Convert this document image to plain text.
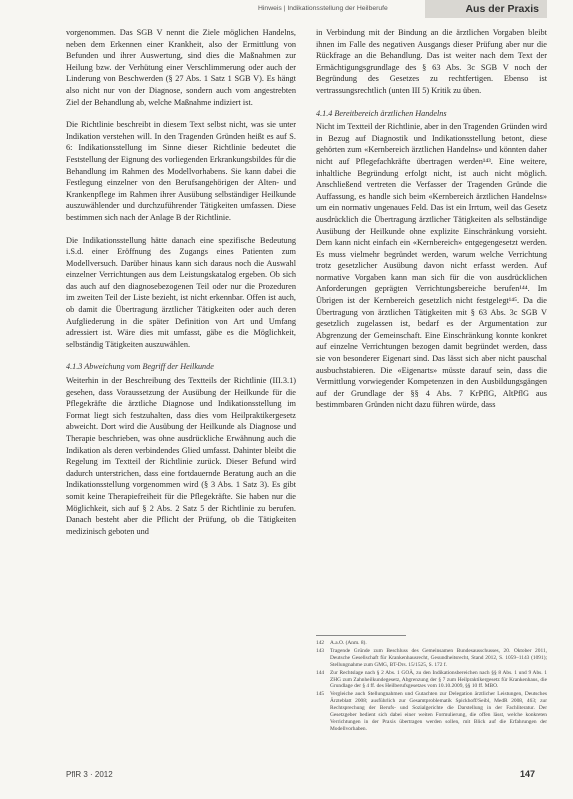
Hinweis | Indikationsstellung der Heilberufe	Aus der Praxis

vorgenommen. Das SGB V nennt die Ziele möglichen Handelns, neben dem Erkennen einer Krankheit, also der Ermittlung von Befunden und ihrer Auswertung, sind dies die Maßnahmen zur Heilung bzw. der Verhütung einer Verschlimmerung oder auch der Linderung von Beschwerden (§ 27 Abs. 1 Satz 1 SGB V). Es hängt also nicht nur von der Diagnose, sondern auch vom angestrebten Ziel der Behandlung ab, welche Maßnahme indiziert ist.

Die Richtlinie beschreibt in diesem Text selbst nicht, was sie unter Indikation verstehen will. In den Tragenden Gründen heißt es auf S. 6: Indikationsstellung im Sinne dieser Richtlinie bedeutet die Feststellung der Eignung des vorliegenden Erkrankungsbildes für die Behandlung im Rahmen des Modellvorhabens. Sie kann dabei die Festlegung einzelner von den Berufsangehörigen der Alten- und Krankenpflege im Rahmen ihrer Ausübung selbständiger Heilkunde auszuwählender und durchzuführender Tätigkeiten umfassen. Diese bestimmen sich nach der Anlage B der Richtlinie.

Die Indikationsstellung hätte danach eine spezifische Bedeutung i.S.d. einer Eröffnung des Zugangs eines Patienten zum Modellversuch. Darüber hinaus kann sich daraus noch die Auswahl einzelner Verrichtungen aus dem Leistungskatalog ergeben. Ob sich das auch auf den diagnosebezogenen Teil oder nur die Prozeduren im zweiten Teil der Liste bezieht, ist nicht erkennbar. Offen ist auch, ob damit die Übertragung ärztlicher Tätigkeiten oder auch deren Aufgliederung in die später Definition von Art und Umfang adressiert ist. Wäre dies mit umfasst, gäbe es die Möglichkeit, selbständig Tätigkeiten auszuwählen.

4.1.3 Abweichung vom Begriff der Heilkunde

Weiterhin in der Beschreibung des Textteils der Richtlinie (III.3.1) gesehen, dass Voraussetzung der Ausübung der Heilkunde für die Pflegekräfte die ärztliche Diagnose und Indikationsstellung im Format liegt sich festzuhalten, dass dies vom Heilpraktikergesetz abweicht. Dort wird die Ausübung der Heilkunde als Diagnose und Therapie beschrieben, was ohne ausdrückliche Erwähnung auch die Indikation als deren verbindendes Glied umfasst. Dahinter bleibt die Regelung im Textteil der Richtlinie zurück. Dieser Befund wird dadurch unterstrichen, dass eine fortdauernde Beratung auch an die Indikationsstellung vorgenommen wird (§ 3 Abs. 1 Satz 3). Es gibt somit keine Therapiefreiheit für die Pflegekräfte. Sie haben nur die Möglichkeit, sich auf § 2 Abs. 2 Satz 5 der Richtlinie zu berufen. Danach besteht aber die Pflicht der Prüfung, ob die Tätigkeiten medizinisch geboten und

in Verbindung mit der Bindung an die ärztlichen Vorgaben bleibt ihnen im Falle des negativen Ausgangs dieser Prüfung aber nur die Rückfrage an die Behandlung. Das ist weiter nach dem Text der Ermächtigungsgrundlage des § 63 Abs. 3c SGB V noch der Begründung des Gesetzes zu rechtfertigen. Ebenso ist vertrassungsrechtlich (unten III 5) Kritik zu üben.

4.1.4 Bereitbereich ärztlichen Handelns

Nicht im Textteil der Richtlinie, aber in den Tragenden Gründen wird in Bezug auf Diagnostik und Indikationsstellung betont, diese gehörten zum «Kernbereich ärztlichen Handelns» und könnten daher nicht auf Pflegefachkräfte übertragen werden¹⁴³. Eine weitere, inhaltliche Begründung erfolgt nicht, ist auch nicht möglich. Anschließend vertreten die Verfasser der Tragenden Gründe die Auffassung, es handle sich beim «Kernbereich ärztlichen Handelns» um ein normativ ungenaues Feld. Das ist ein Irrtum, weil das Gesetz ausdrücklich die Übertragung ärztlicher Tätigkeiten als selbständige Ausübung der Heilkunde ohne explizite Einschränkung vorsieht. Dem kann nicht einfach ein «Kernbereich» entgegengesetzt werden. Es muss vielmehr begründet werden, warum welche Verrichtung trotz gesetzlicher Ausübung davon nicht erfasst werden. Auf normative Vorgaben kann man sich für die von ausdrücklichen Anforderungen geprägten Verrichtungsbereiche berufen¹⁴⁴. Im Übrigen ist der Kernbereich gesetzlich nicht festgelegt¹⁴⁵. Da die Übertragung von ärztlichen Tätigkeiten mit § 63 Abs. 3c SGB V gesetzlich zugelassen ist, bedarf es der Argumentation zur Abgrenzung der Gemeinschaft. Eine Einschränkung konnte konkret auf einzelne Verrichtungen bezogen damit begründet werden, dass sie von besonderer Eigenart sind. Das lässt sich aber nicht pauschal ausbuchstabieren. Die «Eigenarts» müsste darauf sein, dass die Vermittlung vorwiegender Kompetenzen in den Ausbildungsgängen auf der Grundlage der §§ 4 Abs. 7 KrPflG, AltPflG aus bestimmbaren Gründen nicht dazu führen würde, dass

142	A.a.O. (Anm. 8).
143	Tragende Gründe zum Beschluss des Gemeinsamen Bundesausschusses, 20. Oktober 2011, Deutsche Gesellschaft für Krankenhausrecht, Gesundheitsrecht, Stand 2012, S. 1059–1143 (1091); Stellungnahme zum GMG, BT-Drs. 15/1525, S. 172 f.
144	Zur Rechtslage nach § 2 Abs. 1 GOÄ, zu den Indikationsbereichen nach §§ 8 Abs. 1 und 9 Abs. 1 ZHG zum Zahnheilkundegesetz, Abgrenzung der § 7 zum Heilpraktikergesetz für Krankenhaus, die Grundlage der § 4 ff. des Heilberufsgesetzes vom 10.10.2009, §§ 10 ff. MBO.
145	Vergleiche auch Stellungnahmen und Gutachten zur Delegation ärztlicher Leistungen, Deutsches Ärzteblatt 2008; ausführlich zur Gesamtproblematik Spickhoff/Seibl, MedR 2008, 463; zur Rechtsprechung der Berufs- und Sozialgerichte die Darstellung in der Fachliteratur. Der Gesetzgeber bedient sich dabei einer weiten Formulierung, die offen lässt, welche konkreten Verrichtungen in der Praxis übertragen werden sollen, mit Blick auf die Erfahrungen der Modellvorhaben.
PflR 3 · 2012	147
